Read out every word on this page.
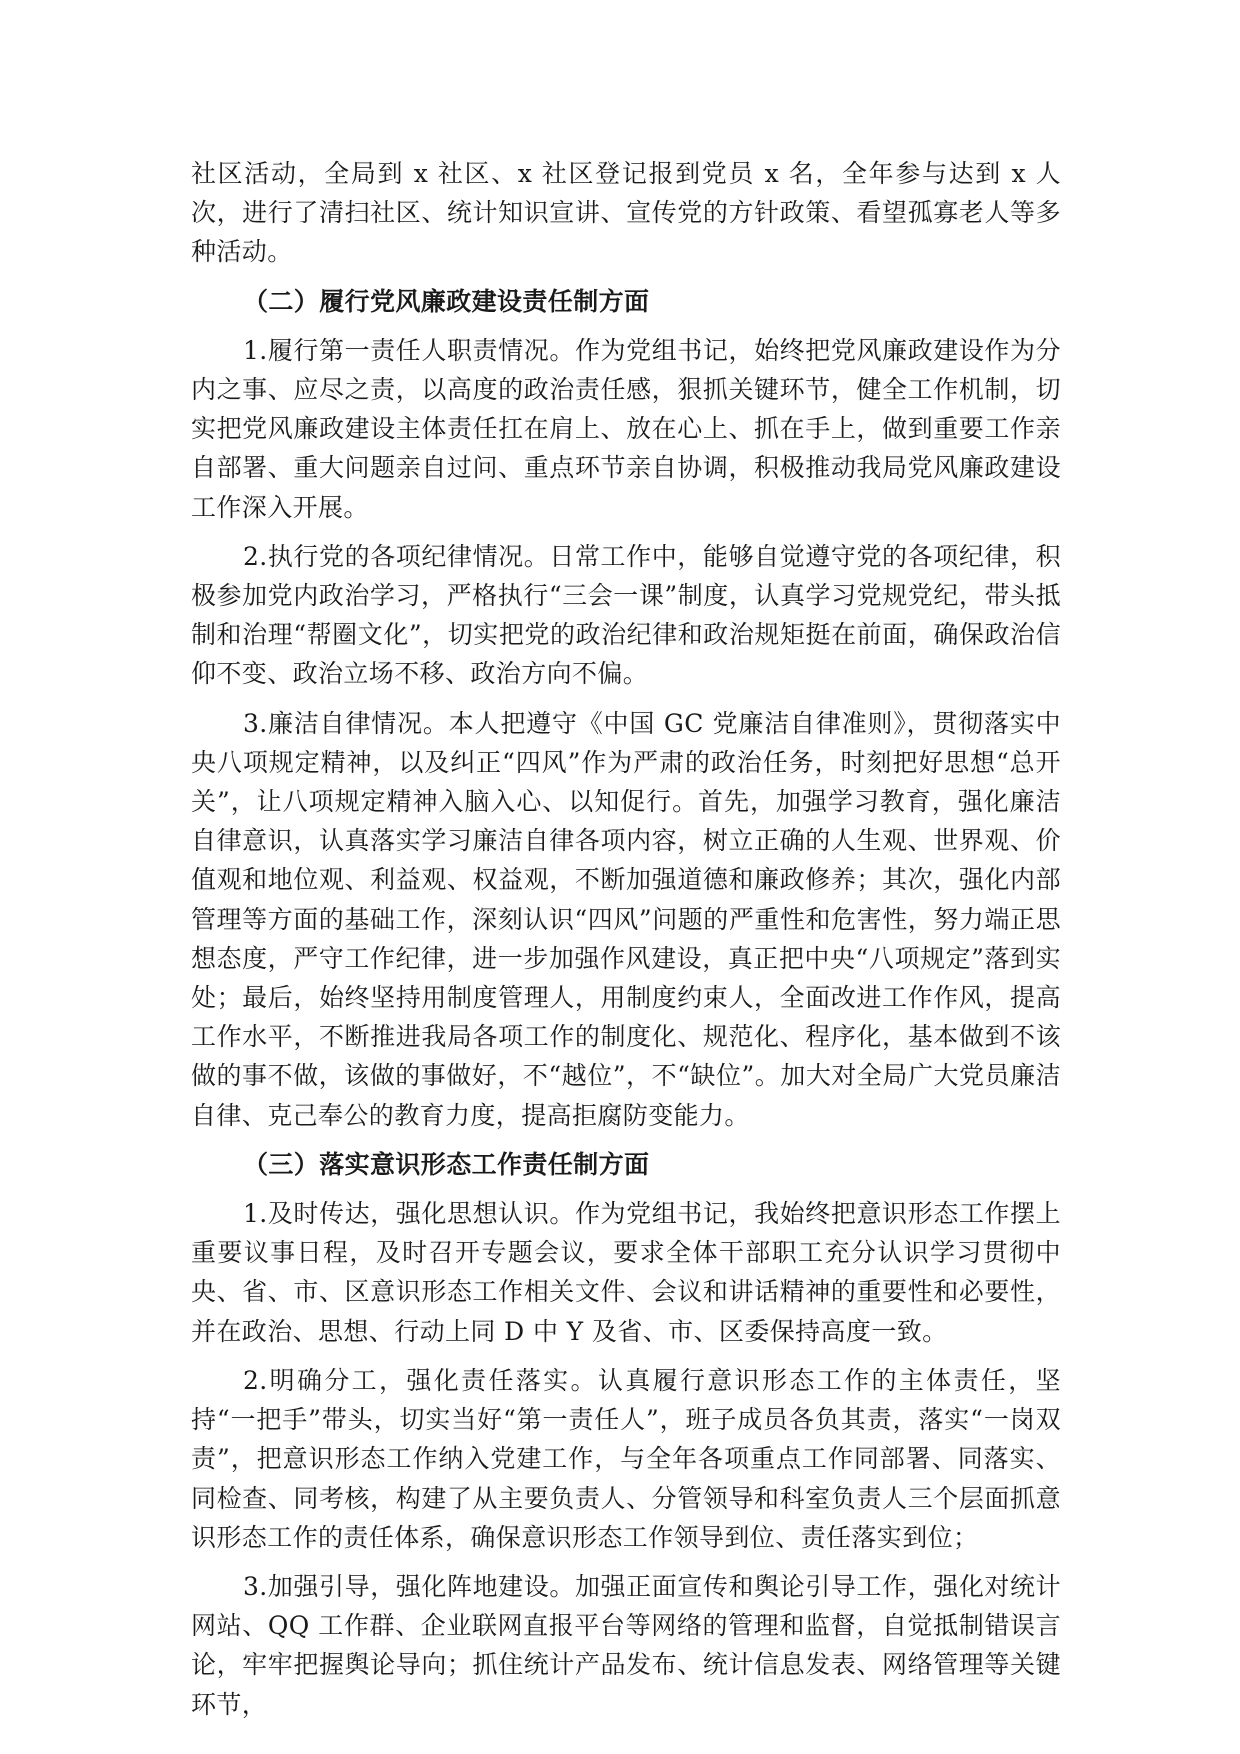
社区活动，全局到 x 社区、x 社区登记报到党员 x 名，全年参与达到 x 人次，进行了清扫社区、统计知识宣讲、宣传党的方针政策、看望孤寡老人等多种活动。

（二）履行党风廉政建设责任制方面

1.履行第一责任人职责情况。作为党组书记，始终把党风廉政建设作为分内之事、应尽之责，以高度的政治责任感，狠抓关键环节，健全工作机制，切实把党风廉政建设主体责任扛在肩上、放在心上、抓在手上，做到重要工作亲自部署、重大问题亲自过问、重点环节亲自协调，积极推动我局党风廉政建设工作深入开展。

2.执行党的各项纪律情况。日常工作中，能够自觉遵守党的各项纪律，积极参加党内政治学习，严格执行“三会一课”制度，认真学习党规党纪，带头抵制和治理“帮圈文化”，切实把党的政治纪律和政治规矩挺在前面，确保政治信仰不变、政治立场不移、政治方向不偏。

3.廉洁自律情况。本人把遵守《中国 GC 党廉洁自律准则》，贯彻落实中央八项规定精神，以及纠正“四风”作为严肃的政治任务，时刻把好思想“总开关”，让八项规定精神入脑入心、以知促行。首先，加强学习教育，强化廉洁自律意识，认真落实学习廉洁自律各项内容，树立正确的人生观、世界观、价值观和地位观、利益观、权益观，不断加强道德和廉政修养；其次，强化内部管理等方面的基础工作，深刻认识“四风”问题的严重性和危害性，努力端正思想态度，严守工作纪律，进一步加强作风建设，真正把中央“八项规定”落到实处；最后，始终坚持用制度管理人，用制度约束人，全面改进工作作风，提高工作水平，不断推进我局各项工作的制度化、规范化、程序化，基本做到不该做的事不做，该做的事做好，不“越位”，不“缺位”。加大对全局广大党员廉洁自律、克己奉公的教育力度，提高拒腐防变能力。

（三）落实意识形态工作责任制方面

1.及时传达，强化思想认识。作为党组书记，我始终把意识形态工作摆上重要议事日程，及时召开专题会议，要求全体干部职工充分认识学习贯彻中央、省、市、区意识形态工作相关文件、会议和讲话精神的重要性和必要性，并在政治、思想、行动上同 D 中 Y 及省、市、区委保持高度一致。

2.明确分工，强化责任落实。认真履行意识形态工作的主体责任，坚持“一把手”带头，切实当好“第一责任人”，班子成员各负其责，落实“一岗双责”，把意识形态工作纳入党建工作，与全年各项重点工作同部署、同落实、同检查、同考核，构建了从主要负责人、分管领导和科室负责人三个层面抓意识形态工作的责任体系，确保意识形态工作领导到位、责任落实到位；

3.加强引导，强化阵地建设。加强正面宣传和舆论引导工作，强化对统计网站、QQ 工作群、企业联网直报平台等网络的管理和监督，自觉抵制错误言论，牢牢把握舆论导向；抓住统计产品发布、统计信息发表、网络管理等关键环节，
